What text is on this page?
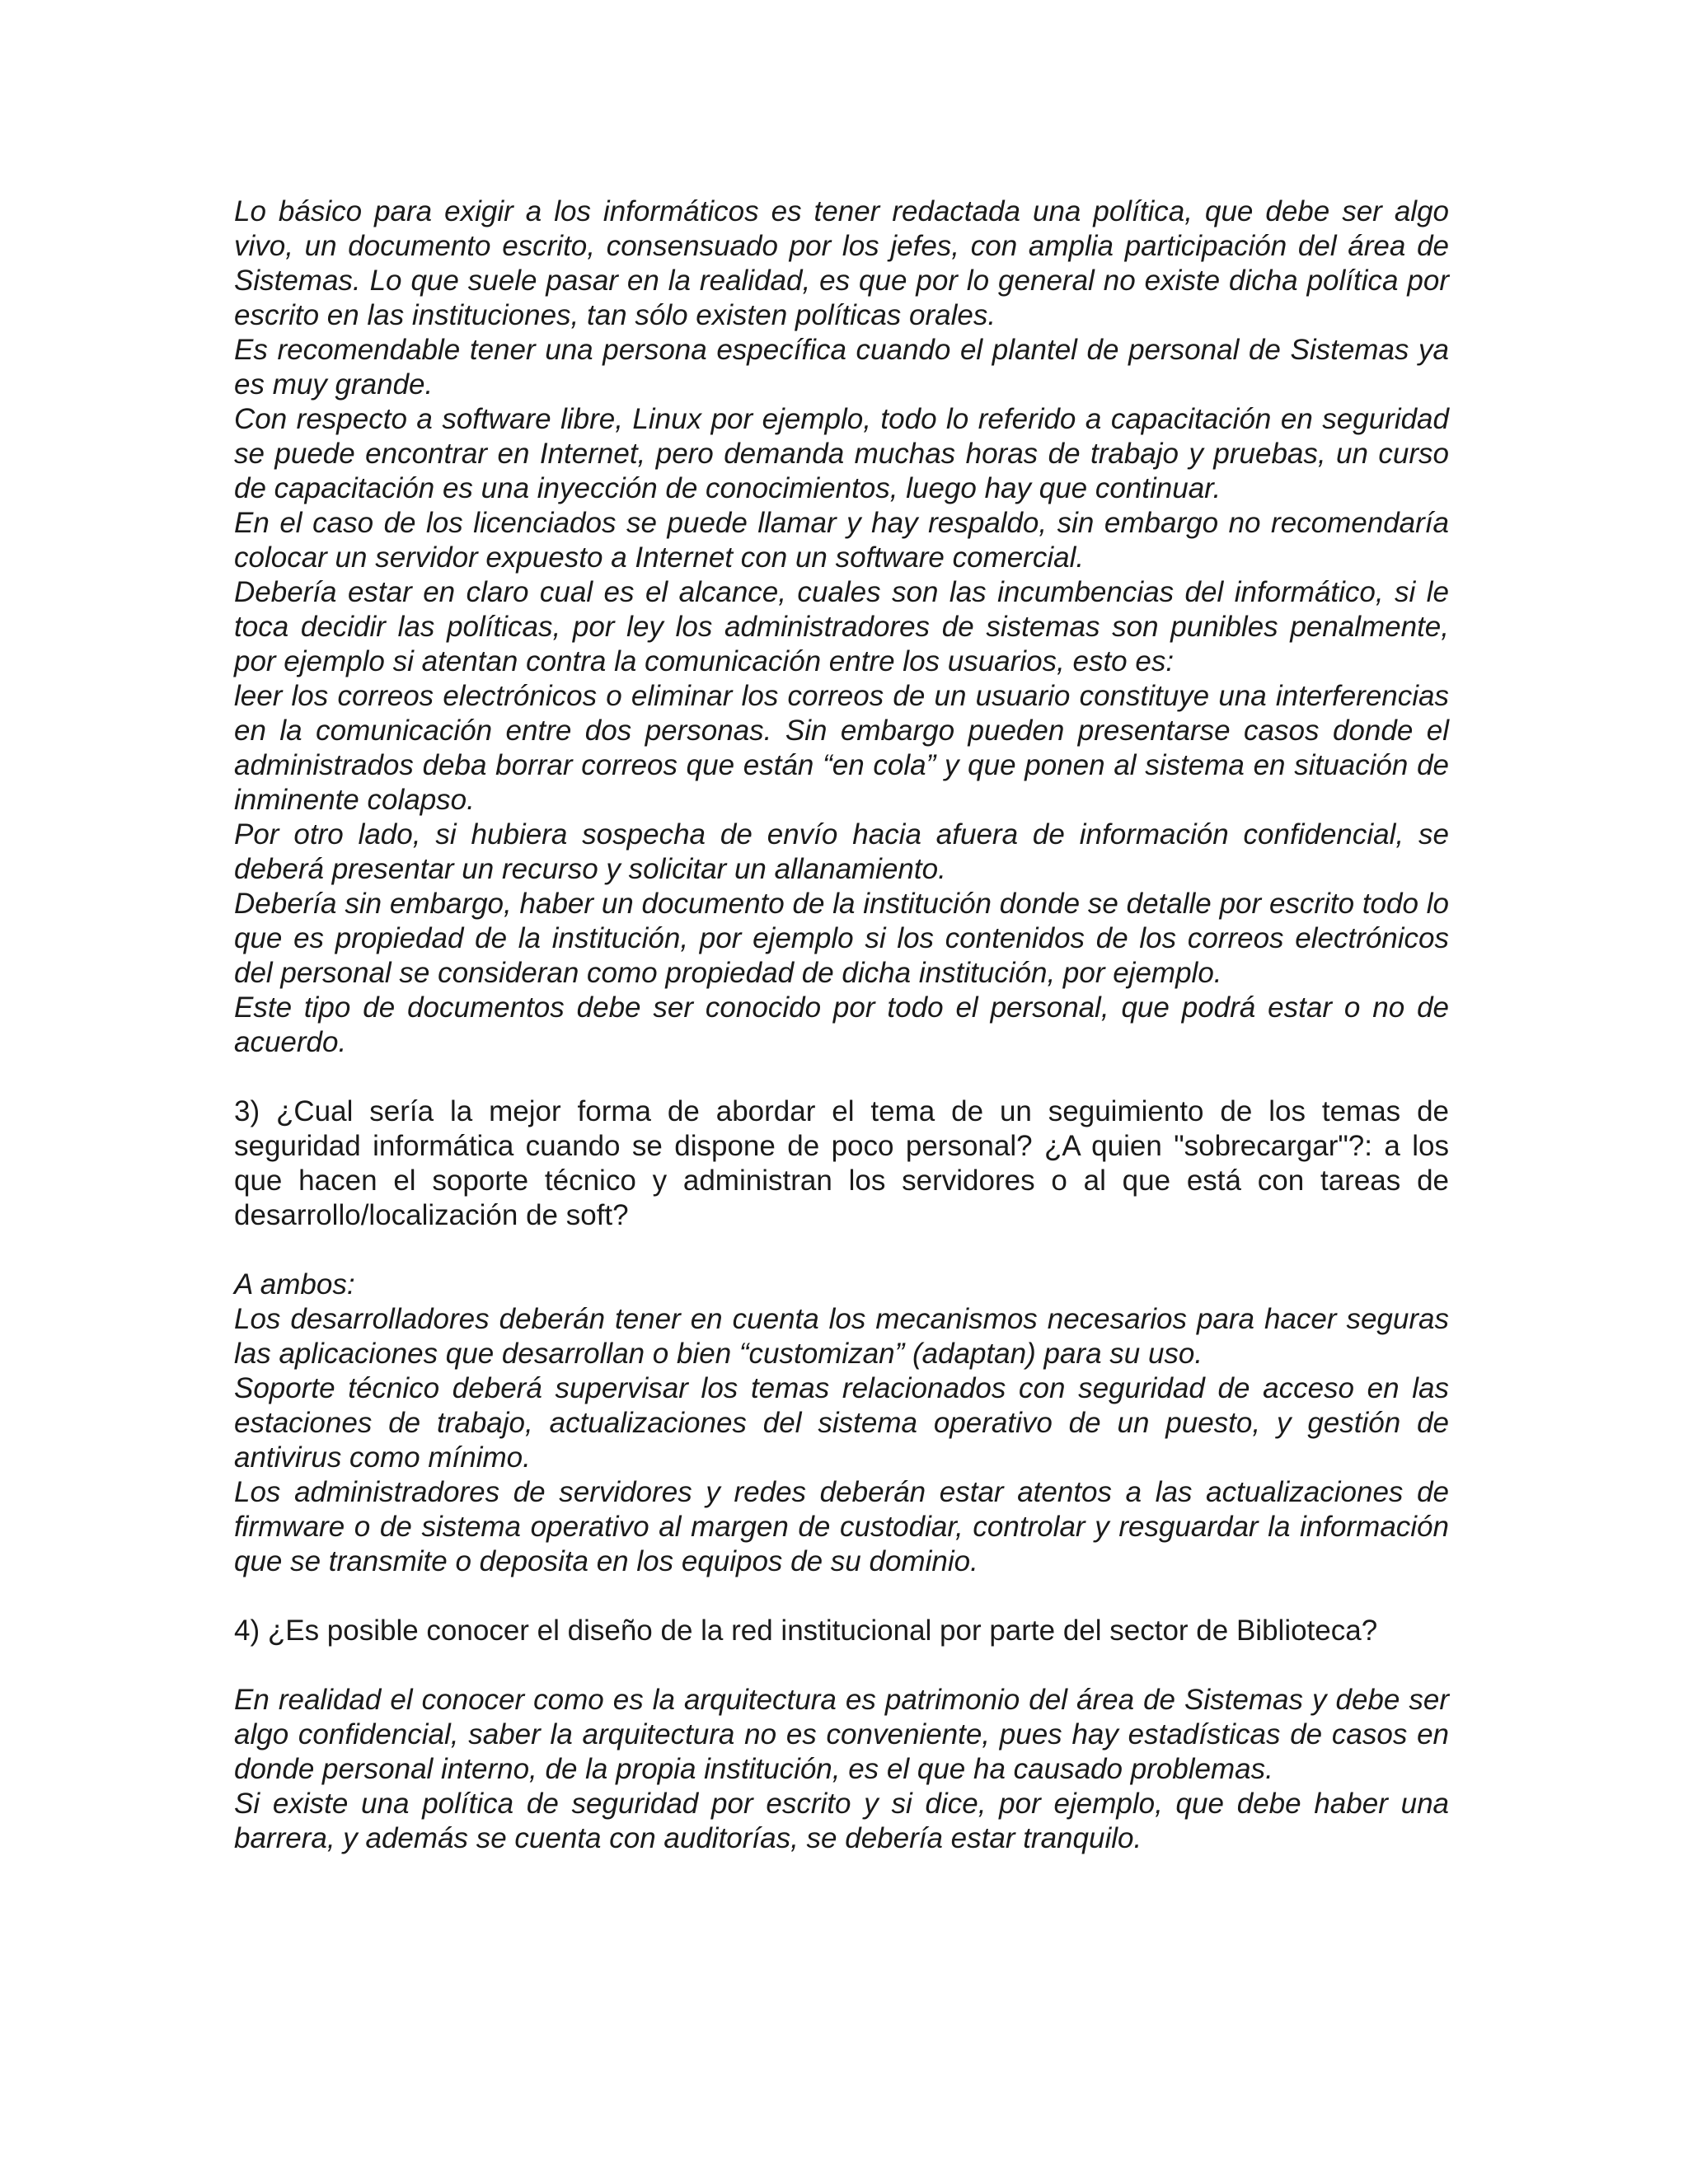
Lo básico para exigir a los informáticos es tener redactada una política, que debe ser algo vivo, un documento escrito, consensuado por los jefes, con amplia participación del área de Sistemas. Lo que suele pasar en la realidad, es que por lo general no existe dicha política por escrito en las instituciones, tan sólo existen políticas orales.

Es recomendable tener una persona específica cuando el plantel de personal de Sistemas ya es muy grande.

Con respecto a software libre, Linux por ejemplo, todo lo referido a capacitación en seguridad se puede encontrar en Internet, pero demanda muchas horas de trabajo y pruebas, un curso de capacitación es una inyección de conocimientos, luego hay que continuar.

En el caso de los licenciados se puede llamar y hay respaldo, sin embargo no recomendaría colocar un servidor expuesto a Internet con un software comercial.

Debería estar en claro cual es el alcance, cuales son las incumbencias del informático, si le toca decidir las políticas, por ley los administradores de sistemas son punibles penalmente, por ejemplo si atentan contra la comunicación entre los usuarios, esto es:

leer los correos electrónicos o eliminar los correos de un usuario constituye una interferencias en la comunicación entre dos personas. Sin embargo pueden presentarse casos donde el administrados deba borrar correos que están “en cola” y que ponen al sistema en situación de inminente colapso.

Por otro lado, si hubiera sospecha de envío hacia afuera de información confidencial, se deberá presentar un recurso y solicitar un allanamiento.

Debería sin embargo, haber un documento de la institución donde se detalle por escrito todo lo que es propiedad de la institución, por ejemplo si los contenidos de los correos electrónicos del personal se consideran como propiedad de dicha institución, por ejemplo.

Este tipo de documentos debe ser conocido por todo el personal, que podrá estar o no de acuerdo.

3) ¿Cual sería la mejor forma de abordar el tema de un seguimiento de los temas de seguridad informática cuando se dispone de poco personal? ¿A quien "sobrecargar"?: a los que hacen el soporte técnico y administran los servidores o al que está con tareas de desarrollo/localización de soft?

A ambos:

Los desarrolladores deberán tener en cuenta los mecanismos necesarios para hacer seguras las aplicaciones que desarrollan o bien “customizan” (adaptan) para su uso.

Soporte técnico deberá supervisar los temas relacionados con seguridad de acceso en las estaciones de trabajo, actualizaciones del sistema operativo de un puesto, y gestión de antivirus como mínimo.

Los administradores de servidores y redes deberán estar atentos a las actualizaciones de firmware o de sistema operativo al margen de custodiar, controlar y resguardar la información que se transmite o deposita en los equipos de su dominio.

4) ¿Es posible conocer el diseño de la red institucional por parte del sector de Biblioteca?

En realidad el conocer como es la arquitectura es patrimonio del área de Sistemas y debe ser algo confidencial, saber la arquitectura no es conveniente, pues hay estadísticas de casos en donde personal interno, de la propia institución, es el que ha causado problemas.

Si existe una política de seguridad por escrito y si dice, por ejemplo, que debe haber una barrera, y además se cuenta con auditorías, se debería estar tranquilo.
